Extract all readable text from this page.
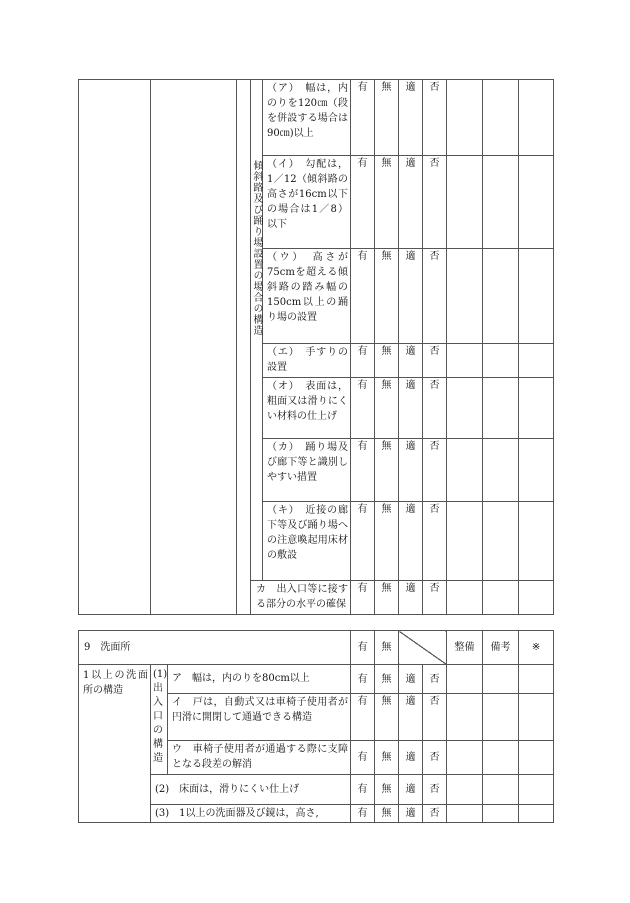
			傾斜路及び踊り場設置の場合の構造	（ア）　幅は，内のりを120㎝（段を併設する場合は90㎝)以上	有	無	適	否			
				（イ）　勾配は，1／12（傾斜路の高さが16cm以下の場合は1／8）以下	有	無	適	否			
				（ウ）　高さが75cmを超える傾斜路の踏み幅の150cm以上の踊り場の設置	有	無	適	否			
				（エ）　手すりの設置	有	無	適	否			
				（オ）　表面は，粗面又は滑りにくい材料の仕上げ	有	無	適	否			
				（カ）　踊り場及び廊下等と識別しやすい措置	有	無	適	否			
				（キ）　近接の廊下等及び踊り場への注意喚起用床材の敷設	有	無	適	否			
			カ　出入口等に接する部分の水平の確保		有	無	適	否			
9　洗面所			有	無			整備	備考	※
1以上の洗面所の構造	(1)出入口の構造	ア　幅は，内のりを80cm以上	有	無	適	否			
		イ　戸は，自動式又は車椅子使用者が円滑に開閉して通過できる構造	有	無	適	否			
		ウ　車椅子使用者が通過する際に支障となる段差の解消	有	無	適	否			
	(2)　床面は，滑りにくい仕上げ		有	無	適	否			
	(3)　1以上の洗面器及び鏡は，高さ,		有	無	適	否			
